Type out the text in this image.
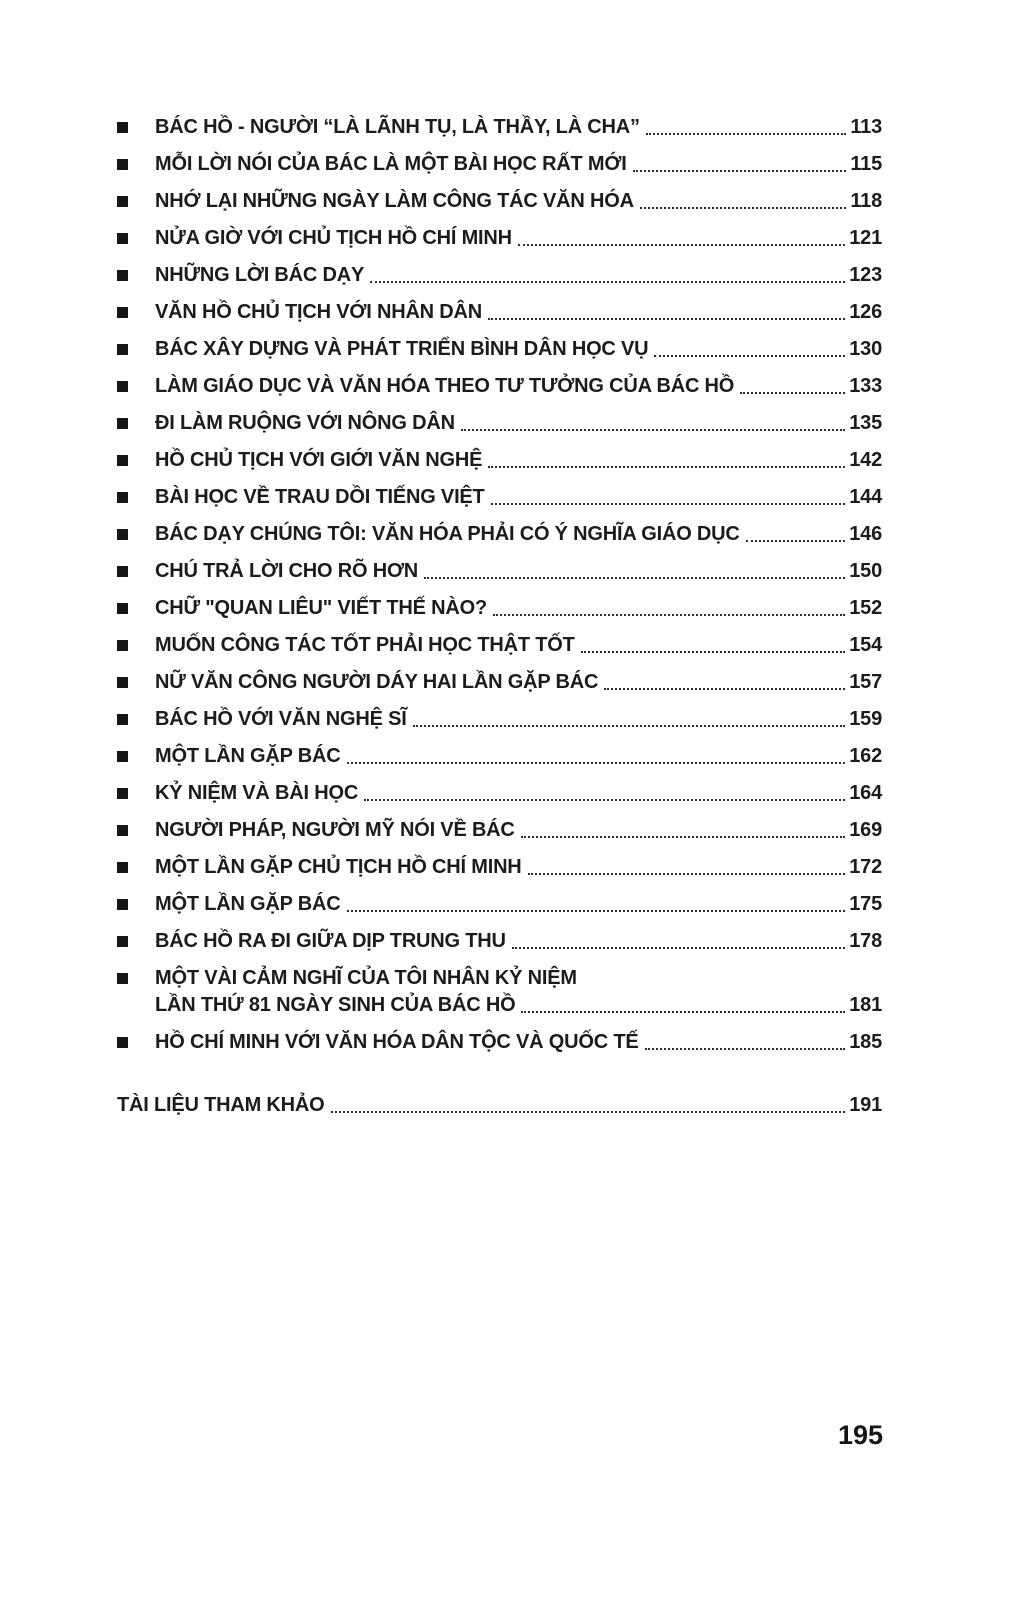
BÁC HỒ - NGƯỜI “LÀ LÃNH TỤ, LÀ THẦY, LÀ CHA”	113
MỖI LỜI NÓI CỦA BÁC LÀ MỘT BÀI HỌC RẤT MỚI	115
NHỚ LẠI NHỮNG NGÀY LÀM CÔNG TÁC VĂN HÓA	118
NỬA GIỜ VỚI CHỦ TỊCH HỒ CHÍ MINH	121
NHỮNG LỜI BÁC DẠY	123
VĂN HỒ CHỦ TỊCH VỚI NHÂN DÂN	126
BÁC XÂY DỰNG VÀ PHÁT TRIỂN BÌNH DÂN HỌC VỤ	130
LÀM GIÁO DỤC VÀ VĂN HÓA THEO TƯ TƯỞNG CỦA BÁC HỒ	133
ĐI LÀM RUỘNG VỚI NÔNG DÂN	135
HỒ CHỦ TỊCH VỚI GIỚI VĂN NGHỆ	142
BÀI HỌC VỀ TRAU DỒI TIẾNG VIỆT	144
BÁC DẠY CHÚNG TÔI: VĂN HÓA PHẢI CÓ Ý NGHĨA GIÁO DỤC	146
CHÚ TRẢ LỜI CHO RÕ HƠN	150
CHỮ "QUAN LIÊU" VIẾT THẾ NÀO?	152
MUỐN CÔNG TÁC TỐT PHẢI HỌC THẬT TỐT	154
NỮ VĂN CÔNG NGƯỜI DÁY HAI LẦN GẶP BÁC	157
BÁC HỒ VỚI VĂN NGHỆ SĨ	159
MỘT LẦN GẶP BÁC	162
KỶ NIỆM VÀ BÀI HỌC	164
NGƯỜI PHÁP, NGƯỜI MỸ NÓI VỀ BÁC	169
MỘT LẦN GẶP CHỦ TỊCH HỒ CHÍ MINH	172
MỘT LẦN GẶP BÁC	175
BÁC HỒ RA ĐI GIỮA DỊP TRUNG THU	178
MỘT VÀI CẢM NGHĨ CỦA TÔI NHÂN KỶ NIỆM
LẦN THỨ 81 NGÀY SINH CỦA BÁC HỒ	181
HỒ CHÍ MINH VỚI VĂN HÓA DÂN TỘC VÀ QUỐC TẾ	185
TÀI LIỆU THAM KHẢO	191
195
